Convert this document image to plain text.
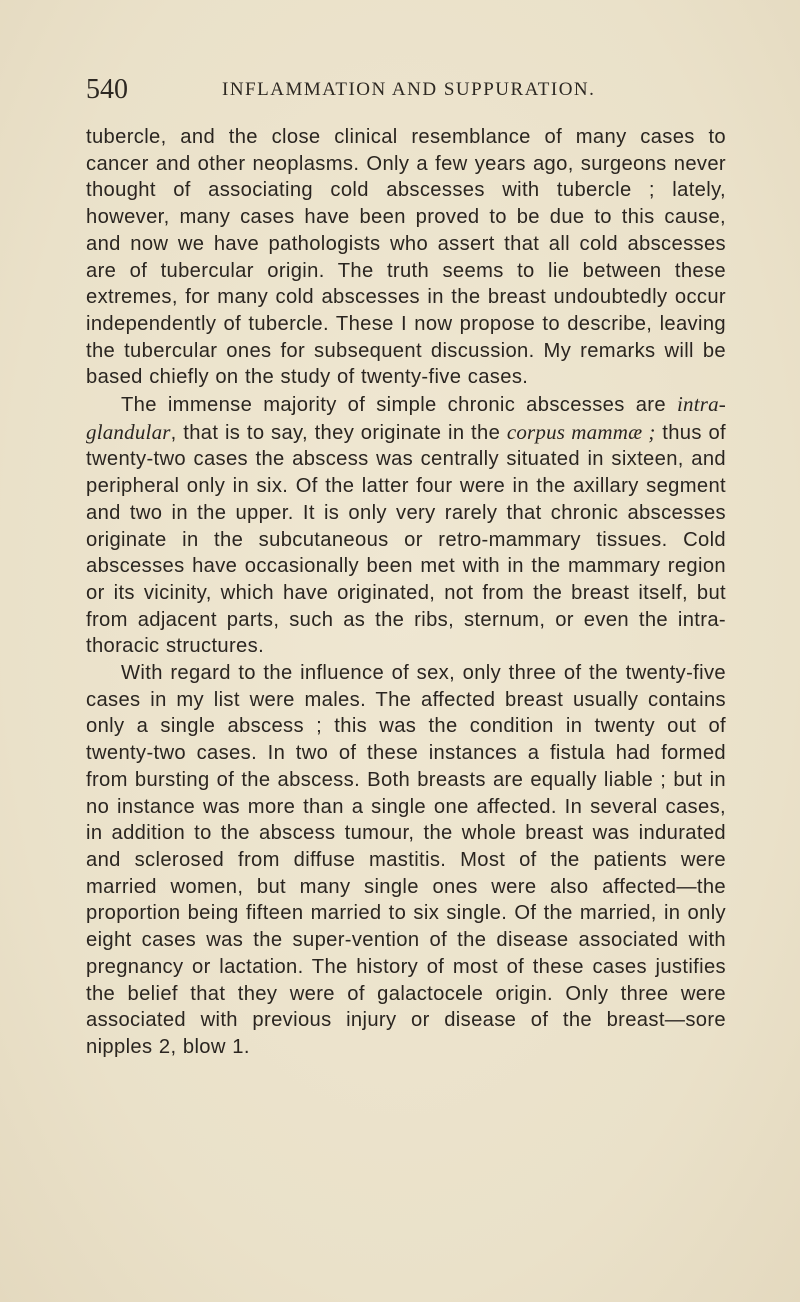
540	INFLAMMATION AND SUPPURATION.

tubercle, and the close clinical resemblance of many cases to cancer and other neoplasms. Only a few years ago, surgeons never thought of associating cold abscesses with tubercle ; lately, however, many cases have been proved to be due to this cause, and now we have pathologists who assert that all cold abscesses are of tubercular origin. The truth seems to lie between these extremes, for many cold abscesses in the breast undoubtedly occur independently of tubercle. These I now propose to describe, leaving the tubercular ones for subsequent discussion. My remarks will be based chiefly on the study of twenty-five cases.

The immense majority of simple chronic abscesses are intra-glandular, that is to say, they originate in the corpus mammæ ; thus of twenty-two cases the abscess was centrally situated in sixteen, and peripheral only in six. Of the latter four were in the axillary segment and two in the upper. It is only very rarely that chronic abscesses originate in the subcutaneous or retro-mammary tissues. Cold abscesses have occasionally been met with in the mammary region or its vicinity, which have originated, not from the breast itself, but from adjacent parts, such as the ribs, sternum, or even the intra-thoracic structures.

With regard to the influence of sex, only three of the twenty-five cases in my list were males. The affected breast usually contains only a single abscess ; this was the condition in twenty out of twenty-two cases. In two of these instances a fistula had formed from bursting of the abscess. Both breasts are equally liable ; but in no instance was more than a single one affected. In several cases, in addition to the abscess tumour, the whole breast was indurated and sclerosed from diffuse mastitis. Most of the patients were married women, but many single ones were also affected—the proportion being fifteen married to six single. Of the married, in only eight cases was the super-vention of the disease associated with pregnancy or lactation. The history of most of these cases justifies the belief that they were of galactocele origin. Only three were associated with previous injury or disease of the breast—sore nipples 2, blow 1.
